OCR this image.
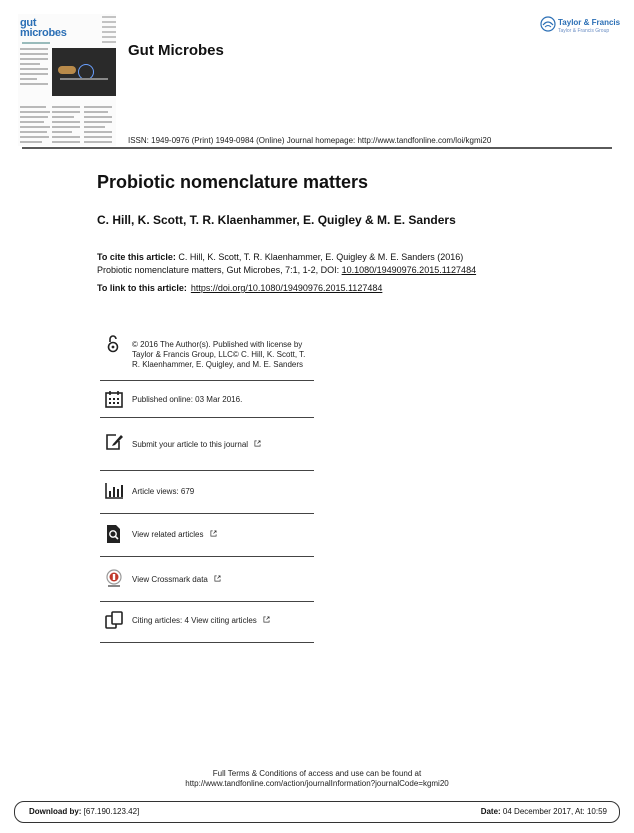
gut
microbes
Gut Microbes
Taylor & Francis
Taylor & Francis Group
ISSN: 1949-0976 (Print) 1949-0984 (Online) Journal homepage: http://www.tandfonline.com/loi/kgmi20
Probiotic nomenclature matters
C. Hill, K. Scott, T. R. Klaenhammer, E. Quigley & M. E. Sanders
To cite this article: C. Hill, K. Scott, T. R. Klaenhammer, E. Quigley & M. E. Sanders (2016)
Probiotic nomenclature matters, Gut Microbes, 7:1, 1-2, DOI: 10.1080/19490976.2015.1127484
To link to this article: https://doi.org/10.1080/19490976.2015.1127484
© 2016 The Author(s). Published with license by Taylor & Francis Group, LLC© C. Hill, K. Scott, T. R. Klaenhammer, E. Quigley, and M. E. Sanders
Published online: 03 Mar 2016.
Submit your article to this journal
Article views: 679
View related articles
View Crossmark data
Citing articles: 4 View citing articles
Full Terms & Conditions of access and use can be found at
http://www.tandfonline.com/action/journalInformation?journalCode=kgmi20
Download by: [67.190.123.42]	Date: 04 December 2017, At: 10:59
